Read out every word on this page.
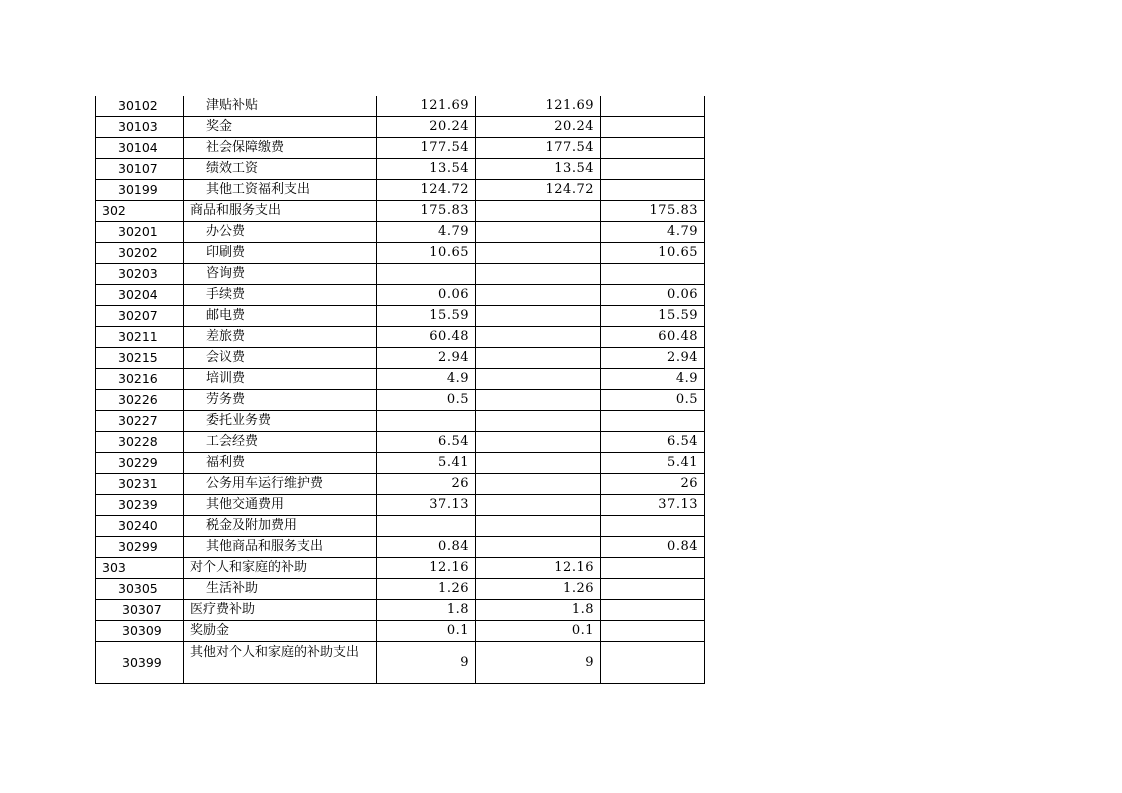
30102	津贴补贴	121.69	121.69	
30103	奖金	20.24	20.24	
30104	社会保障缴费	177.54	177.54	
30107	绩效工资	13.54	13.54	
30199	其他工资福利支出	124.72	124.72	
302	商品和服务支出	175.83		175.83
30201	办公费	4.79		4.79
30202	印刷费	10.65		10.65
30203	咨询费			
30204	手续费	0.06		0.06
30207	邮电费	15.59		15.59
30211	差旅费	60.48		60.48
30215	会议费	2.94		2.94
30216	培训费	4.9		4.9
30226	劳务费	0.5		0.5
30227	委托业务费			
30228	工会经费	6.54		6.54
30229	福利费	5.41		5.41
30231	公务用车运行维护费	26		26
30239	其他交通费用	37.13		37.13
30240	税金及附加费用			
30299	其他商品和服务支出	0.84		0.84
303	对个人和家庭的补助	12.16	12.16	
30305	生活补助	1.26	1.26	
30307	医疗费补助	1.8	1.8	
30309	奖励金	0.1	0.1	
30399	其他对个人和家庭的补助支出	9	9	
